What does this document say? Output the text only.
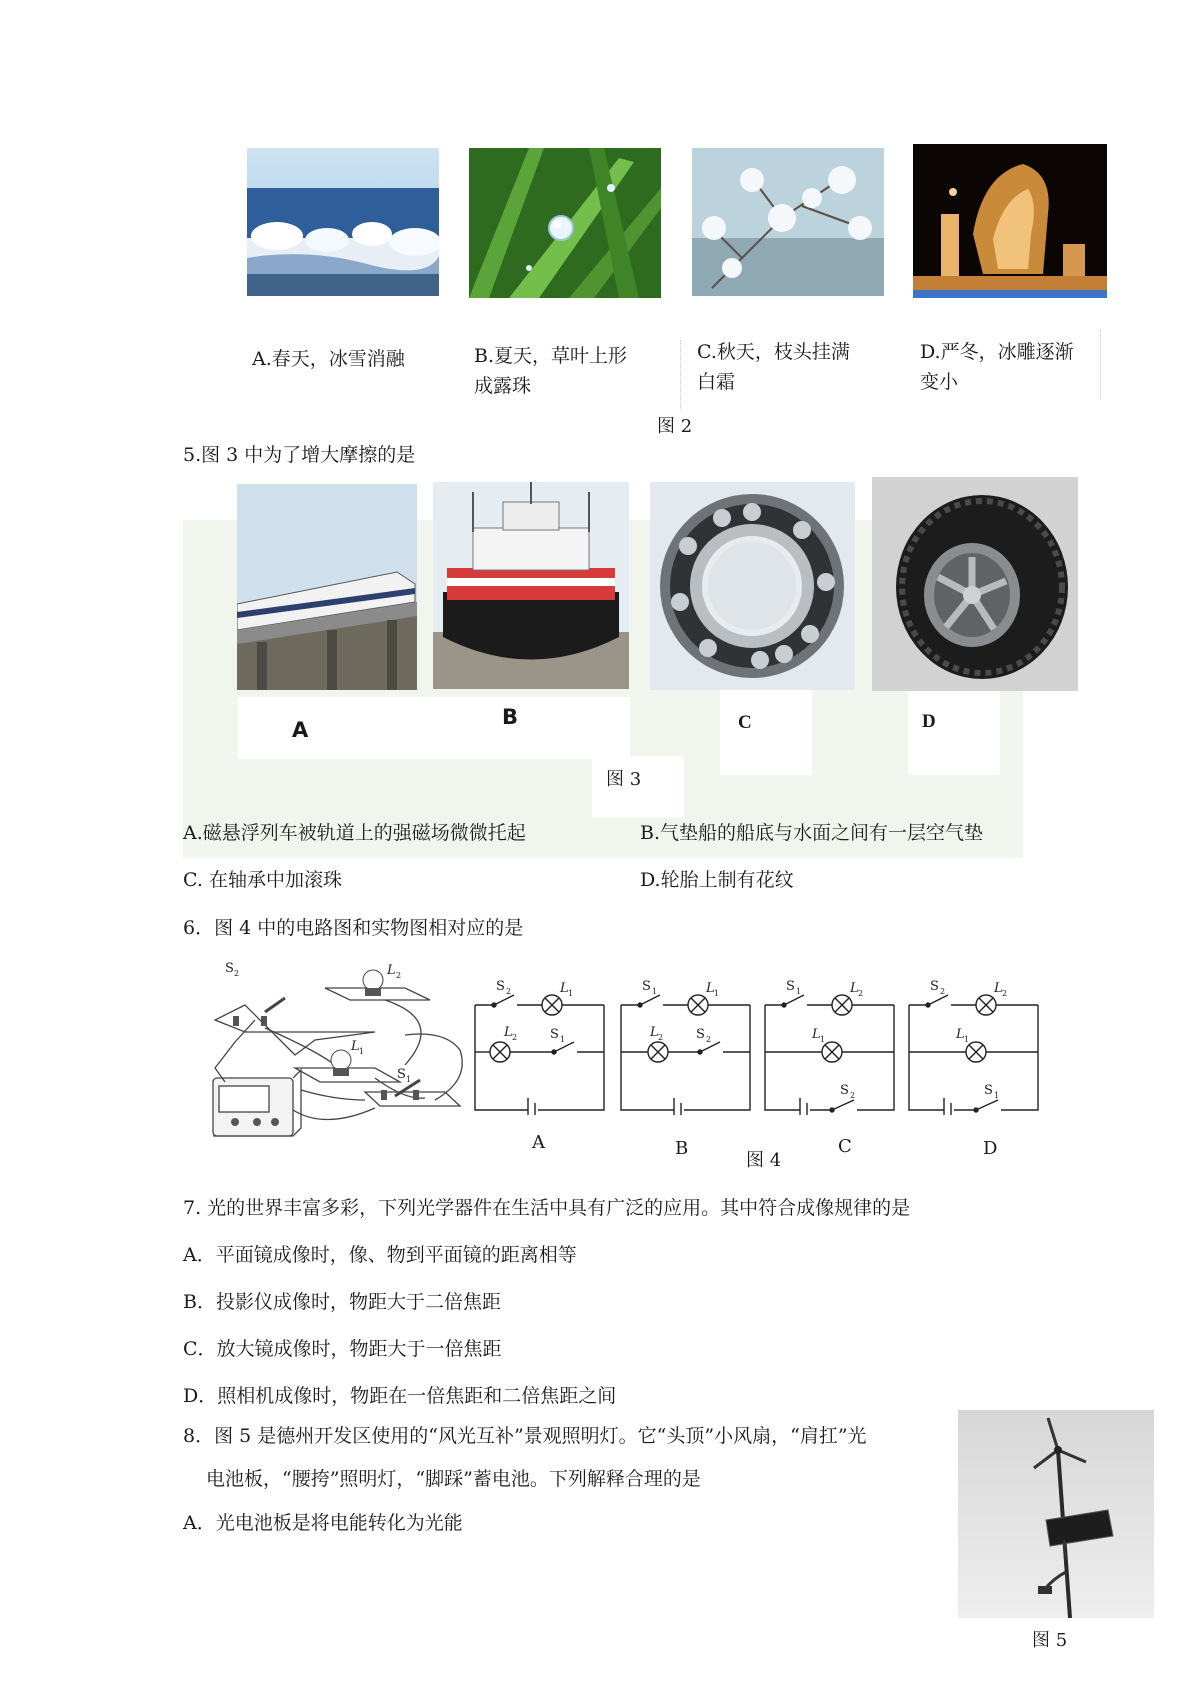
A.春天，冰雪消融	B.夏天，草叶上形
成露珠
C.秋天，枝头挂满
白霜
D.严冬，冰雕逐渐
变小
图 2
5.图 3 中为了增大摩擦的是
A
B	C	D
图 3
A.磁悬浮列车被轨道上的强磁场微微托起	B.气垫船的船底与水面之间有一层空气垫
C. 在轴承中加滚珠	D.轮胎上制有花纹
6．图 4 中的电路图和实物图相对应的是
S 2	L 2
L 1
S 1
S 2	L 1
L 2	S 1
S 1	L 1
L 2	S 2
S 1	L 2
L 1
S 2
S 2	L 2
L 1
S 1
A	B	C	D
图 4
7. 光的世界丰富多彩，下列光学器件在生活中具有广泛的应用。其中符合成像规律的是
A．平面镜成像时，像、物到平面镜的距离相等
B．投影仪成像时，物距大于二倍焦距
C．放大镜成像时，物距大于一倍焦距
D．照相机成像时，物距在一倍焦距和二倍焦距之间
8．图 5 是德州开发区使用的“风光互补”景观照明灯。它“头顶”小风扇，“肩扛”光
电池板，“腰挎”照明灯，“脚踩”蓄电池。下列解释合理的是
A．光电池板是将电能转化为光能
图 5
